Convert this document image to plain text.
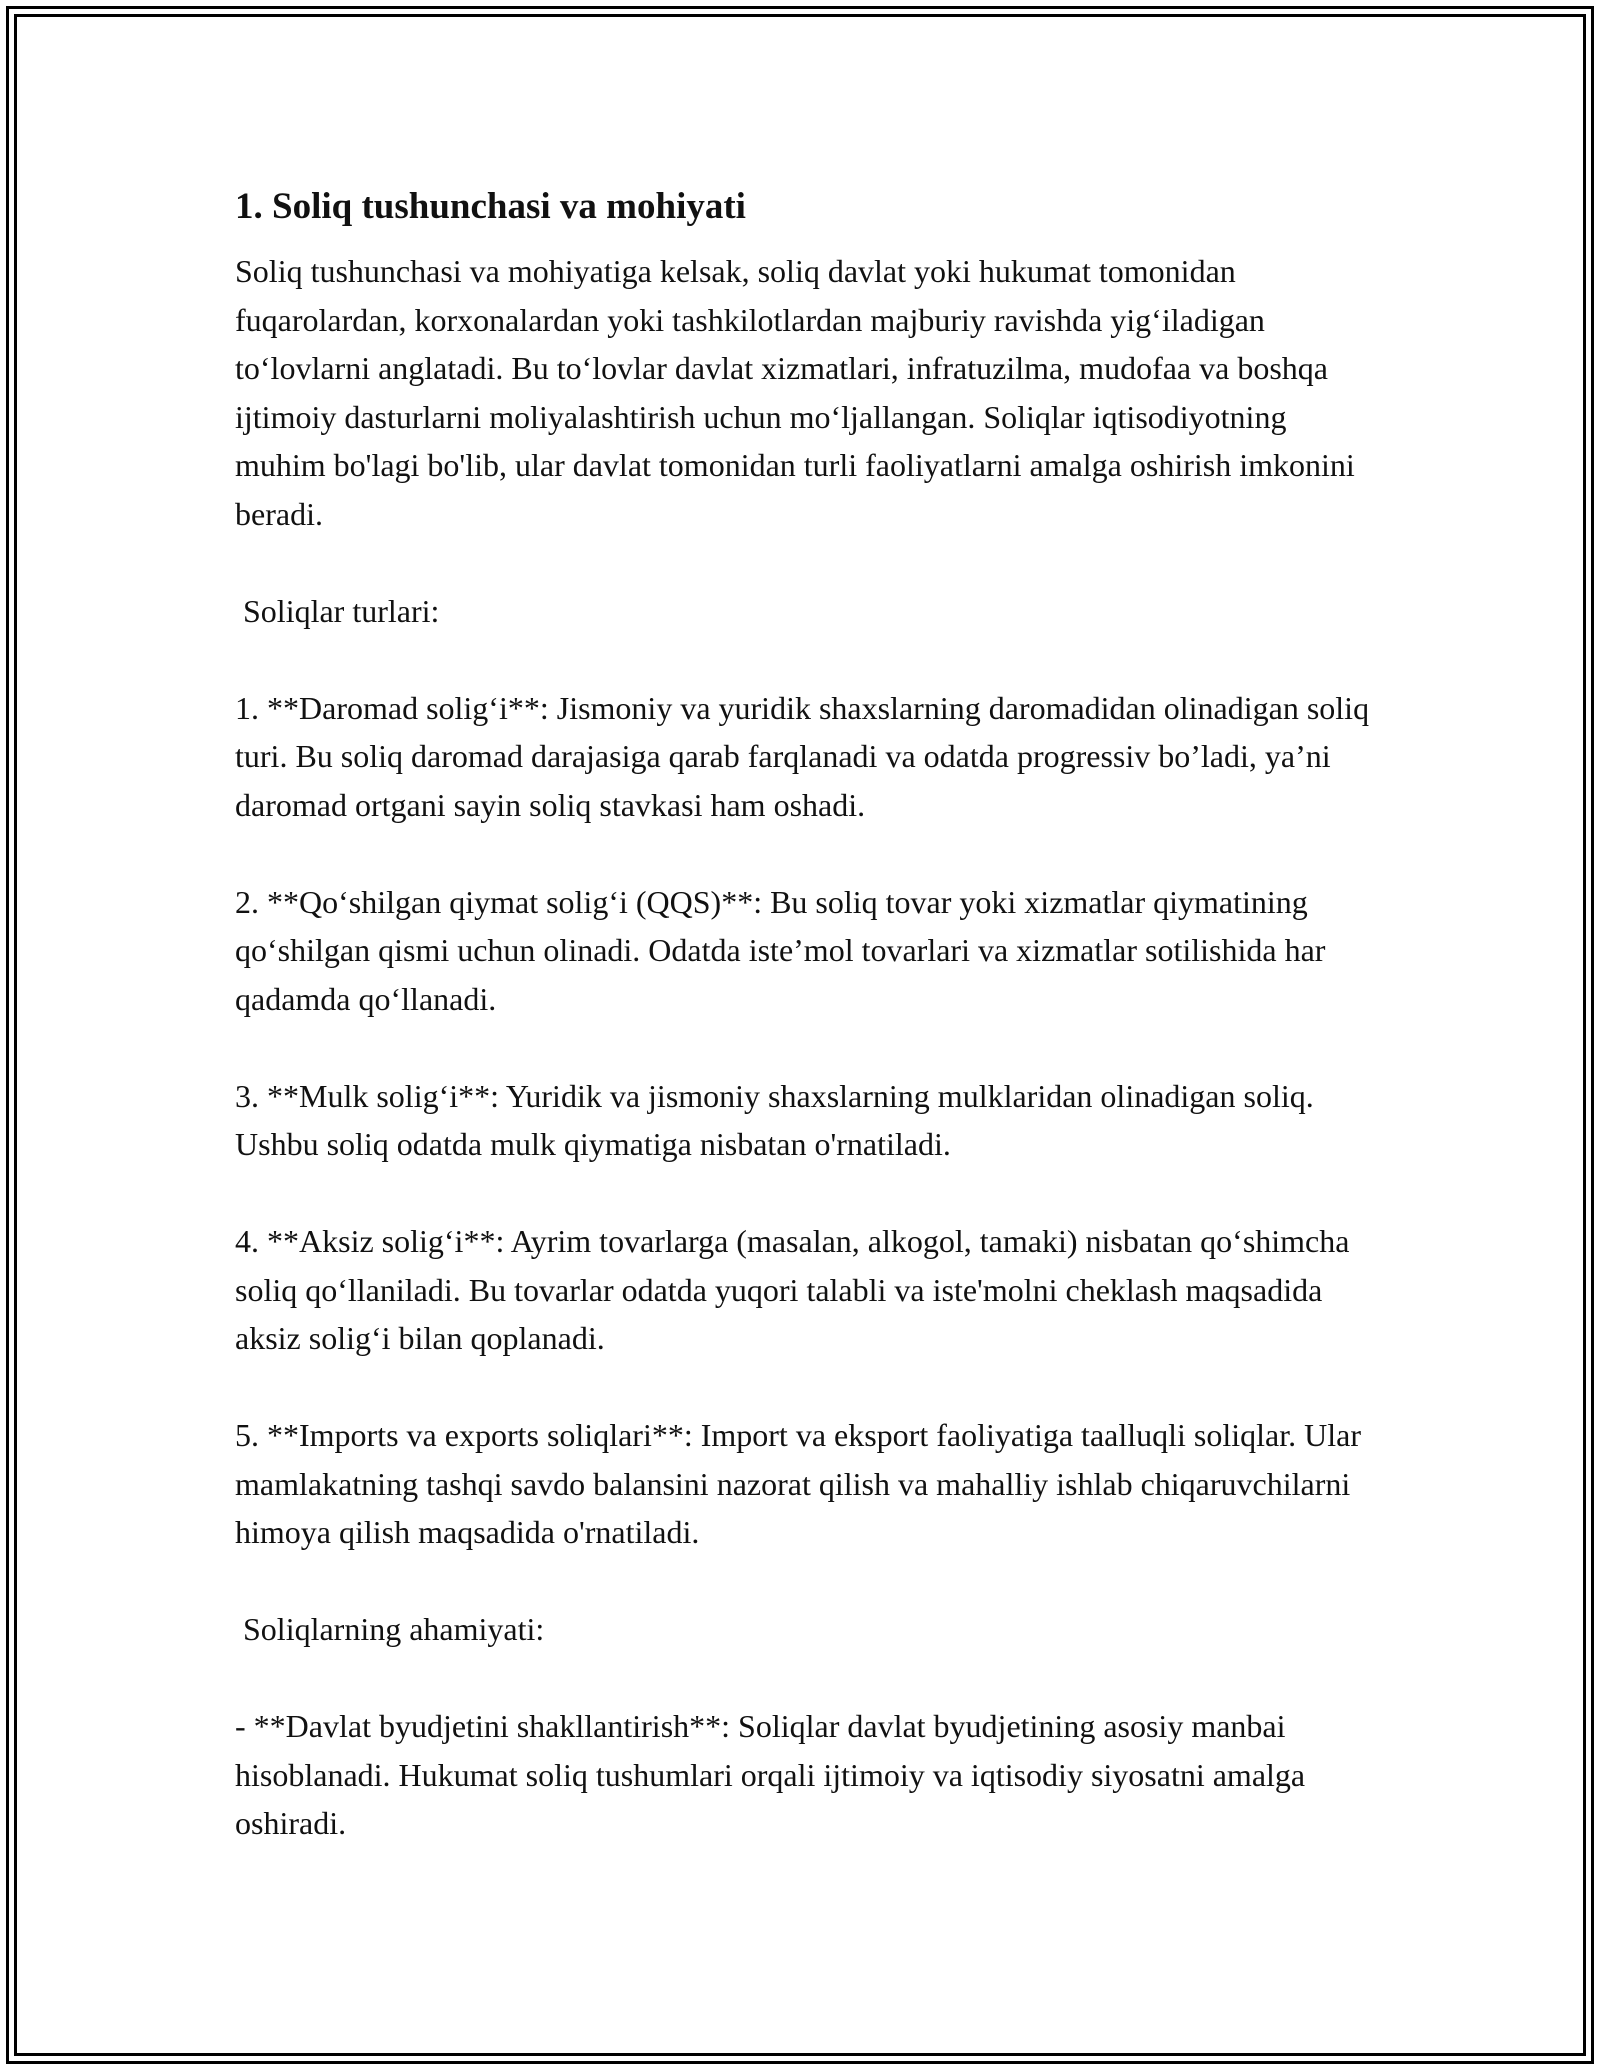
1. Soliq tushunchasi va mohiyati

Soliq tushunchasi va mohiyatiga kelsak, soliq davlat yoki hukumat tomonidan fuqarolardan, korxonalardan yoki tashkilotlardan majburiy ravishda yig‘iladigan to‘lovlarni anglatadi. Bu to‘lovlar davlat xizmatlari, infratuzilma, mudofaa va boshqa ijtimoiy dasturlarni moliyalashtirish uchun mo‘ljallangan. Soliqlar iqtisodiyotning muhim bo'lagi bo'lib, ular davlat tomonidan turli faoliyatlarni amalga oshirish imkonini beradi.

Soliqlar turlari:

1. **Daromad solig‘i**: Jismoniy va yuridik shaxslarning daromadidan olinadigan soliq turi. Bu soliq daromad darajasiga qarab farqlanadi va odatda progressiv bo’ladi, ya’ni daromad ortgani sayin soliq stavkasi ham oshadi.

2. **Qo‘shilgan qiymat solig‘i (QQS)**: Bu soliq tovar yoki xizmatlar qiymatining qo‘shilgan qismi uchun olinadi. Odatda iste’mol tovarlari va xizmatlar sotilishida har qadamda qo‘llanadi.

3. **Mulk solig‘i**: Yuridik va jismoniy shaxslarning mulklaridan olinadigan soliq. Ushbu soliq odatda mulk qiymatiga nisbatan o'rnatiladi.

4. **Aksiz solig‘i**: Ayrim tovarlarga (masalan, alkogol, tamaki) nisbatan qo‘shimcha soliq qo‘llaniladi. Bu tovarlar odatda yuqori talabli va iste'molni cheklash maqsadida aksiz solig‘i bilan qoplanadi.

5. **Imports va exports soliqlari**: Import va eksport faoliyatiga taalluqli soliqlar. Ular mamlakatning tashqi savdo balansini nazorat qilish va mahalliy ishlab chiqaruvchilarni himoya qilish maqsadida o'rnatiladi.

Soliqlarning ahamiyati:

- **Davlat byudjetini shakllantirish**: Soliqlar davlat byudjetining asosiy manbai hisoblanadi. Hukumat soliq tushumlari orqali ijtimoiy va iqtisodiy siyosatni amalga oshiradi.
